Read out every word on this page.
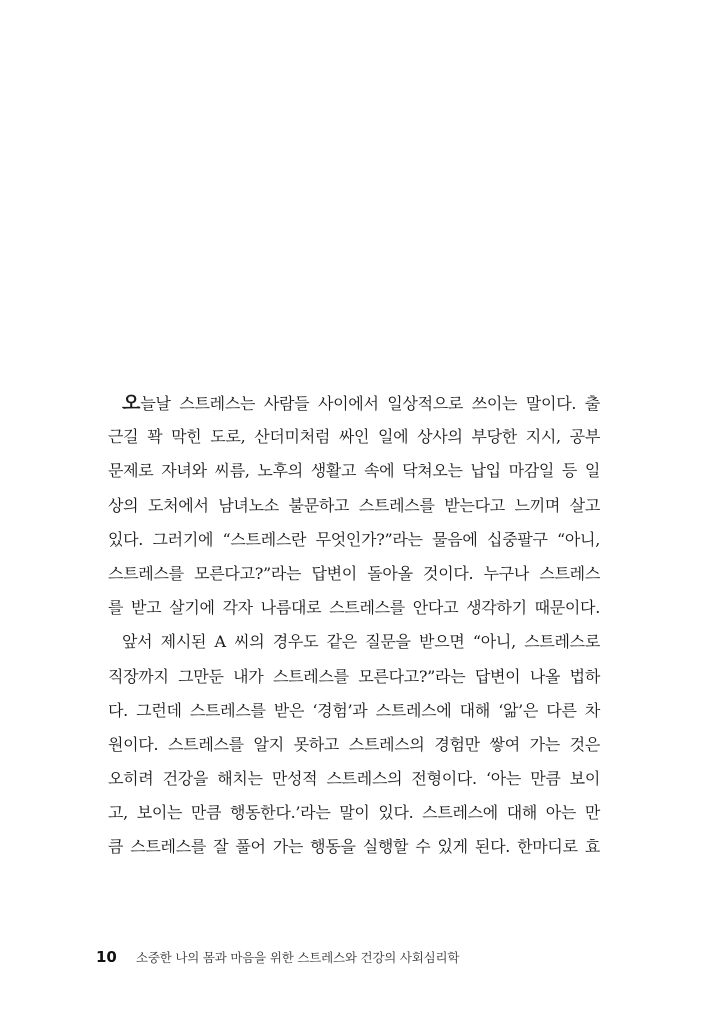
오늘날 스트레스는 사람들 사이에서 일상적으로 쓰이는 말이다. 출
근길 꽉 막힌 도로, 산더미처럼 싸인 일에 상사의 부당한 지시, 공부
문제로 자녀와 씨름, 노후의 생활고 속에 닥쳐오는 납입 마감일 등 일
상의 도처에서 남녀노소 불문하고 스트레스를 받는다고 느끼며 살고
있다. 그러기에 “스트레스란 무엇인가?”라는 물음에 십중팔구 “아니,
스트레스를 모른다고?”라는 답변이 돌아올 것이다. 누구나 스트레스
를 받고 살기에 각자 나름대로 스트레스를 안다고 생각하기 때문이다.
앞서 제시된 A 씨의 경우도 같은 질문을 받으면 “아니, 스트레스로
직장까지 그만둔 내가 스트레스를 모른다고?”라는 답변이 나올 법하
다. 그런데 스트레스를 받은 ‘경험’과 스트레스에 대해 ‘앎’은 다른 차
원이다. 스트레스를 알지 못하고 스트레스의 경험만 쌓여 가는 것은
오히려 건강을 해치는 만성적 스트레스의 전형이다. ‘아는 만큼 보이
고, 보이는 만큼 행동한다.’라는 말이 있다. 스트레스에 대해 아는 만
큼 스트레스를 잘 풀어 가는 행동을 실행할 수 있게 된다. 한마디로 효
10 소중한 나의 몸과 마음을 위한 스트레스와 건강의 사회심리학
